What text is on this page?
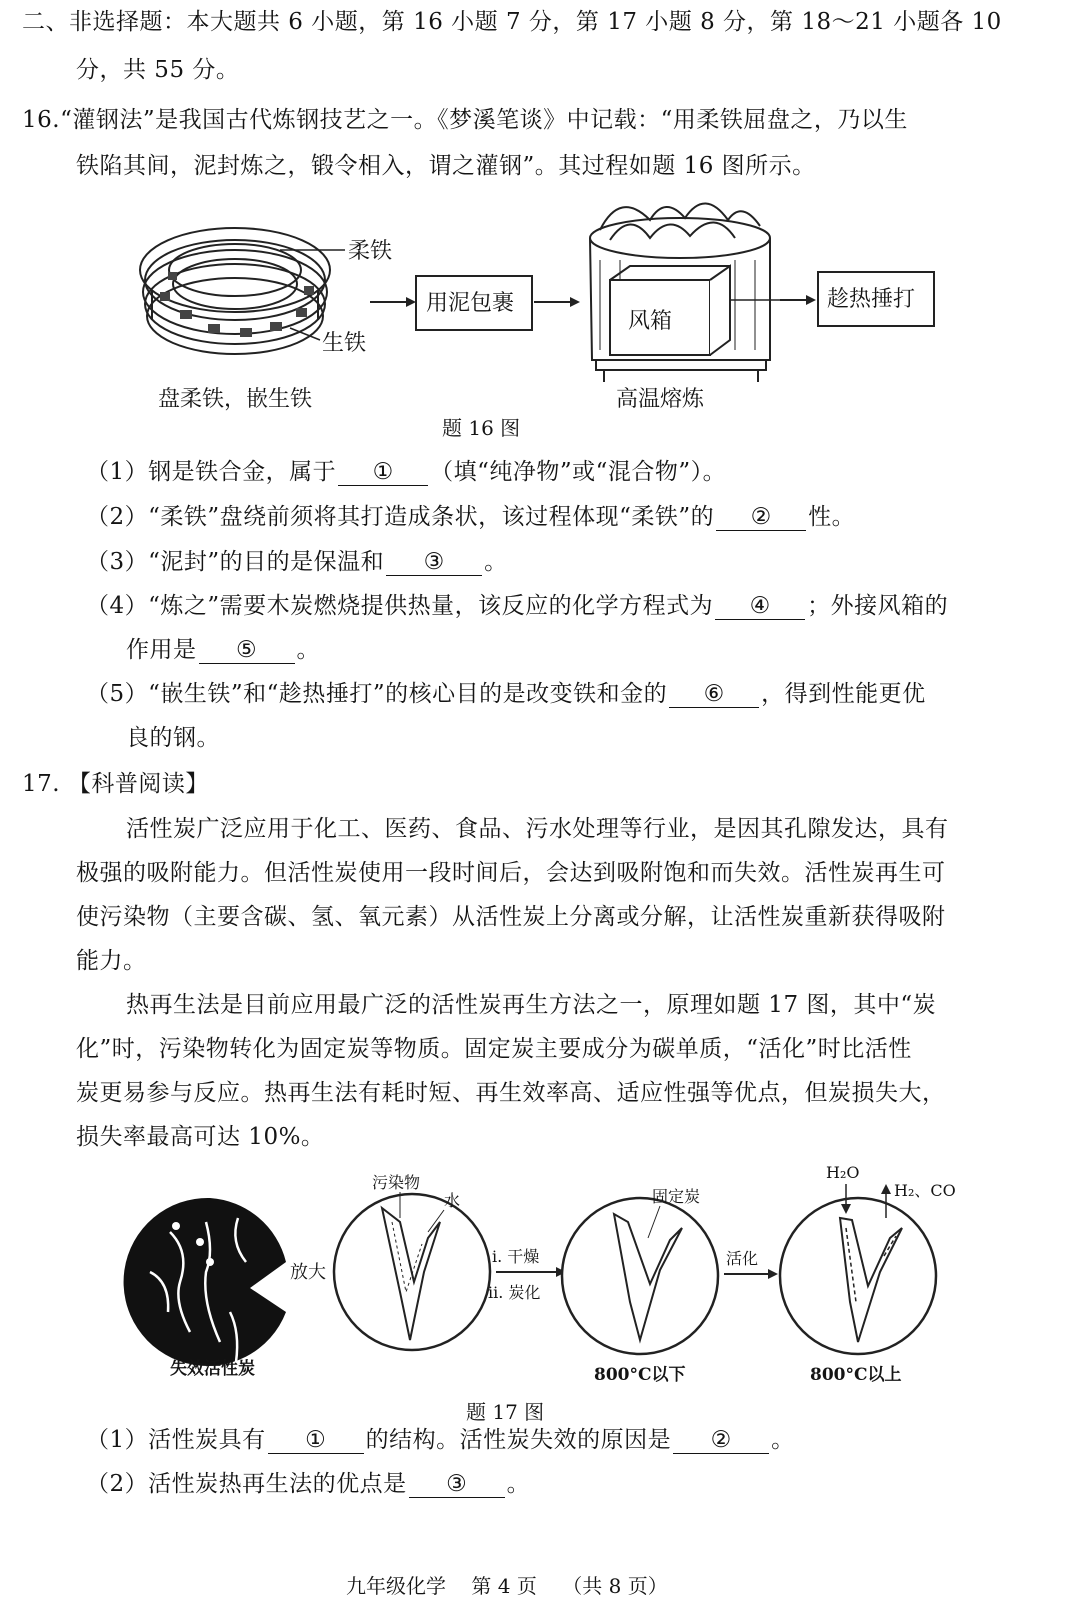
二、非选择题：本大题共 6 小题，第 16 小题 7 分，第 17 小题 8 分，第 18～21 小题各 10
分，共 55 分。
16.“灌钢法”是我国古代炼钢技艺之一。《梦溪笔谈》中记载：“用柔铁屈盘之，乃以生
铁陷其间，泥封炼之，锻令相入，谓之灌钢”。其过程如题 16 图所示。
柔铁
生铁
盘柔铁，嵌生铁
用泥包裹
风箱
高温熔炼
趁热捶打
题 16 图
（1）钢是铁合金，属于 ① （填“纯净物”或“混合物”）。
（2）“柔铁”盘绕前须将其打造成条状，该过程体现“柔铁”的 ② 性。
（3）“泥封”的目的是保温和 ③ 。
（4）“炼之”需要木炭燃烧提供热量，该反应的化学方程式为 ④ ；外接风箱的
作用是 ⑤ 。
（5）“嵌生铁”和“趁热捶打”的核心目的是改变铁和金的 ⑥ ，得到性能更优
良的钢。
17. 【科普阅读】
活性炭广泛应用于化工、医药、食品、污水处理等行业，是因其孔隙发达，具有
极强的吸附能力。但活性炭使用一段时间后，会达到吸附饱和而失效。活性炭再生可
使污染物（主要含碳、氢、氧元素）从活性炭上分离或分解，让活性炭重新获得吸附
能力。
热再生法是目前应用最广泛的活性炭再生方法之一，原理如题 17 图，其中“炭
化”时，污染物转化为固定炭等物质。固定炭主要成分为碳单质，“活化”时比活性
炭更易参与反应。热再生法有耗时短、再生效率高、适应性强等优点，但炭损失大，
损失率最高可达 10%。
放大
失效活性炭
污染物
水
i. 干燥
ii. 炭化
固定炭
800°C以下
活化
H₂O
H₂、CO
800°C以上
题 17 图
（1）活性炭具有 ① 的结构。活性炭失效的原因是 ② 。
（2）活性炭热再生法的优点是 ③ 。
九年级化学    第 4 页    （共 8 页）
